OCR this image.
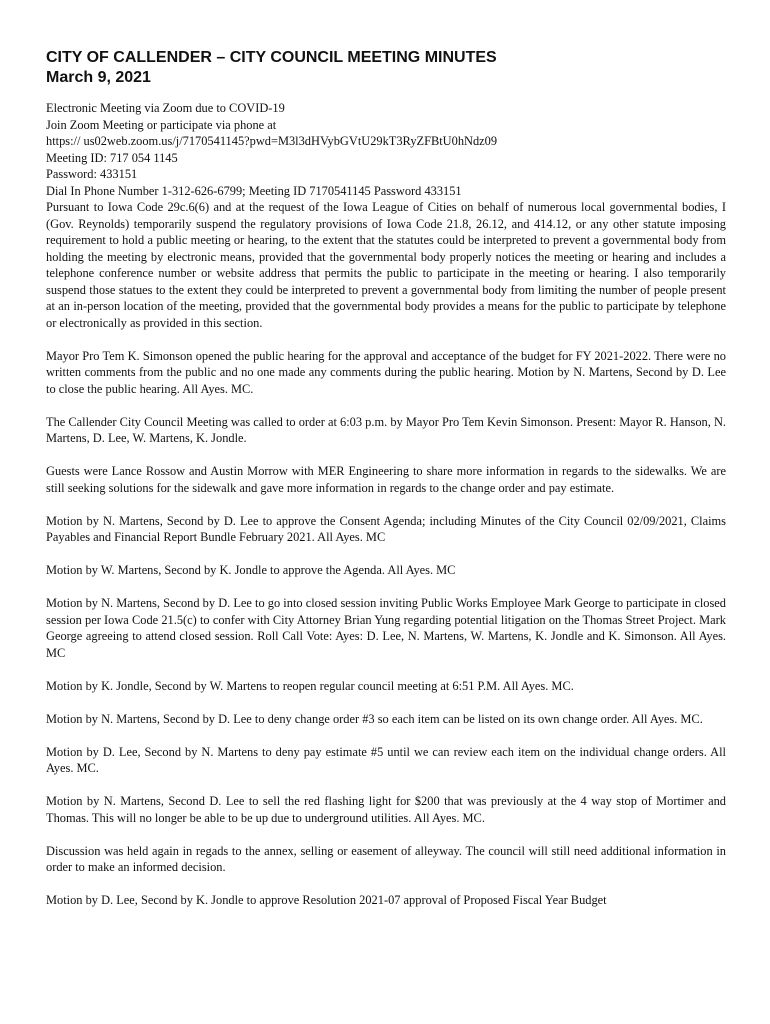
CITY OF CALLENDER – CITY COUNCIL MEETING MINUTES
March 9, 2021
Electronic Meeting via Zoom due to COVID-19
Join Zoom Meeting or participate via phone at
https:// us02web.zoom.us/j/7170541145?pwd=M3l3dHVybGVtU29kT3RyZFBtU0hNdz09
Meeting ID: 717 054 1145
Password: 433151
Dial In Phone Number 1-312-626-6799; Meeting ID 7170541145 Password 433151

Pursuant to Iowa Code 29c.6(6) and at the request of the Iowa League of Cities on behalf of numerous local governmental bodies, I (Gov. Reynolds) temporarily suspend the regulatory provisions of Iowa Code 21.8, 26.12, and 414.12, or any other statute imposing requirement to hold a public meeting or hearing, to the extent that the statutes could be interpreted to prevent a governmental body from holding the meeting by electronic means, provided that the governmental body properly notices the meeting or hearing and includes a telephone conference number or website address that permits the public to participate in the meeting or hearing. I also temporarily suspend those statues to the extent they could be interpreted to prevent a governmental body from limiting the number of people present at an in-person location of the meeting, provided that the governmental body provides a means for the public to participate by telephone or electronically as provided in this section.

Mayor Pro Tem K. Simonson opened the public hearing for the approval and acceptance of the budget for FY 2021-2022. There were no written comments from the public and no one made any comments during the public hearing. Motion by N. Martens, Second by D. Lee to close the public hearing. All Ayes. MC.

The Callender City Council Meeting was called to order at 6:03 p.m. by Mayor Pro Tem Kevin Simonson. Present: Mayor R. Hanson, N. Martens, D. Lee, W. Martens, K. Jondle.

Guests were Lance Rossow and Austin Morrow with MER Engineering to share more information in regards to the sidewalks. We are still seeking solutions for the sidewalk and gave more information in regards to the change order and pay estimate.

Motion by N. Martens, Second by D. Lee to approve the Consent Agenda; including Minutes of the City Council 02/09/2021, Claims Payables and Financial Report Bundle February 2021. All Ayes. MC

Motion by W. Martens, Second by K. Jondle to approve the Agenda. All Ayes. MC

Motion by N. Martens, Second by D. Lee to go into closed session inviting Public Works Employee Mark George to participate in closed session per Iowa Code 21.5(c) to confer with City Attorney Brian Yung regarding potential litigation on the Thomas Street Project. Mark George agreeing to attend closed session. Roll Call Vote: Ayes: D. Lee, N. Martens, W. Martens, K. Jondle and K. Simonson. All Ayes. MC

Motion by K. Jondle, Second by W. Martens to reopen regular council meeting at 6:51 P.M. All Ayes. MC.

Motion by N. Martens, Second by D. Lee to deny change order #3 so each item can be listed on its own change order. All Ayes. MC.

Motion by D. Lee, Second by N. Martens to deny pay estimate #5 until we can review each item on the individual change orders. All Ayes. MC.

Motion by N. Martens, Second D. Lee to sell the red flashing light for $200 that was previously at the 4 way stop of Mortimer and Thomas. This will no longer be able to be up due to underground utilities. All Ayes. MC.

Discussion was held again in regads to the annex, selling or easement of alleyway. The council will still need additional information in order to make an informed decision.

Motion by D. Lee, Second by K. Jondle to approve Resolution 2021-07 approval of Proposed Fiscal Year Budget
